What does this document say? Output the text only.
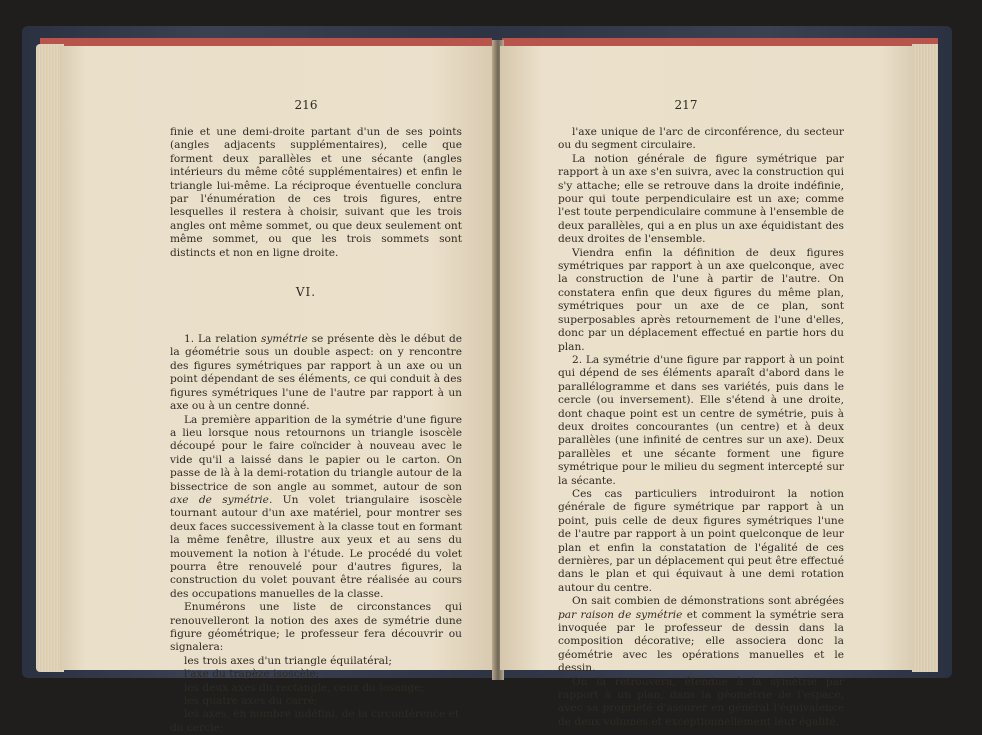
216

finie et une demi-droite partant d'un de ses points (angles adjacents supplémentaires), celle que forment deux parallèles et une sécante (angles intérieurs du même côté supplémentaires) et enfin le triangle lui-même. La réciproque éventuelle conclura par l'énumération de ces trois figures, entre lesquelles il restera à choisir, suivant que les trois angles ont même sommet, ou que deux seulement ont même sommet, ou que les trois sommets sont distincts et non en ligne droite.

VI.

1. La relation symétrie se présente dès le début de la géométrie sous un double aspect: on y rencontre des figures symétriques par rapport à un axe ou un point dépendant de ses éléments, ce qui conduit à des figures symétriques l'une de l'autre par rapport à un axe ou à un centre donné.

La première apparition de la symétrie d'une figure a lieu lorsque nous retournons un triangle isoscèle découpé pour le faire coïncider à nouveau avec le vide qu'il a laissé dans le papier ou le carton. On passe de là à la demi-rotation du triangle autour de la bissectrice de son angle au sommet, autour de son axe de symétrie. Un volet triangulaire isoscèle tournant autour d'un axe matériel, pour montrer ses deux faces successivement à la classe tout en formant la même fenêtre, illustre aux yeux et au sens du mouvement la notion à l'étude. Le procédé du volet pourra être renouvelé pour d'autres figures, la construction du volet pouvant être réalisée au cours des occupations manuelles de la classe.

Enumérons une liste de circonstances qui renouvelleront la notion des axes de symétrie dune figure géométrique; le professeur fera découvrir ou signalera:

les trois axes d'un triangle équilatéral;
l'axe du trapèze isoscèle;
les deux axes du rectangle, ceux du losange;
les quatre axes du carré;
les axes, en nombre indéfini, de la circonférence et du cercle;
217

l'axe unique de l'arc de circonférence, du secteur ou du segment circulaire.

La notion générale de figure symétrique par rapport à un axe s'en suivra, avec la construction qui s'y attache; elle se retrouve dans la droite indéfinie, pour qui toute perpendiculaire est un axe; comme l'est toute perpendiculaire commune à l'ensemble de deux parallèles, qui a en plus un axe équidistant des deux droites de l'ensemble.

Viendra enfin la définition de deux figures symétriques par rapport à un axe quelconque, avec la construction de l'une à partir de l'autre. On constatera enfin que deux figures du même plan, symétriques pour un axe de ce plan, sont superposables après retournement de l'une d'elles, donc par un déplacement effectué en partie hors du plan.

2. La symétrie d'une figure par rapport à un point qui dépend de ses éléments aparaît d'abord dans le parallélogramme et dans ses variétés, puis dans le cercle (ou inversement). Elle s'étend à une droite, dont chaque point est un centre de symétrie, puis à deux droites concourantes (un centre) et à deux parallèles (une infinité de centres sur un axe). Deux parallèles et une sécante forment une figure symétrique pour le milieu du segment intercepté sur la sécante.

Ces cas particuliers introduiront la notion générale de figure symétrique par rapport à un point, puis celle de deux figures symétriques l'une de l'autre par rapport à un point quelconque de leur plan et enfin la constatation de l'égalité de ces dernières, par un déplacement qui peut être effectué dans le plan et qui équivaut à une demi rotation autour du centre.

On sait combien de démonstrations sont abrégées par raison de symétrie et comment la symétrie sera invoquée par le professeur de dessin dans la composition décorative; elle associera donc la géométrie avec les opérations manuelles et le dessin.

On la retrouvera, étendue à la symétrie par rapport à un plan, dans la géométrie de l'espace, avec sa propriété d'assurer en général l'équivalence de deux volumes et exceptionnellement leur égalité.
